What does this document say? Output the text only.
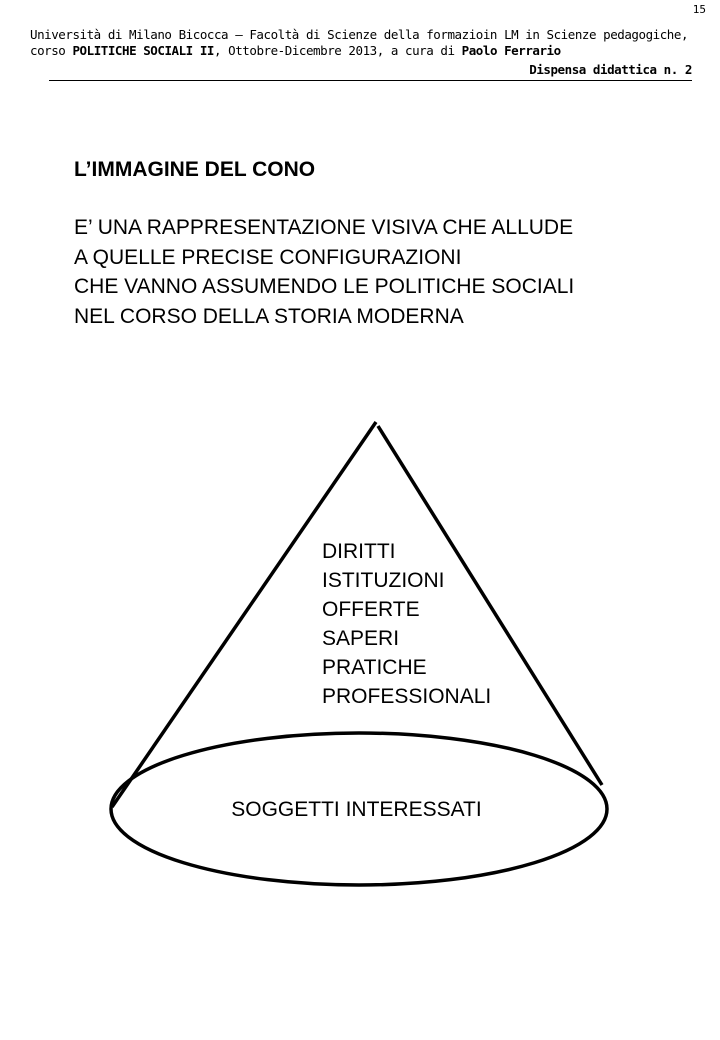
15
Università di Milano Bicocca – Facoltà di Scienze della formazioin LM in Scienze pedagogiche,
corso POLITICHE SOCIALI II, Ottobre-Dicembre 2013, a cura di Paolo Ferrario
Dispensa didattica n. 2
L’IMMAGINE DEL CONO
E’ UNA RAPPRESENTAZIONE VISIVA CHE ALLUDE
A QUELLE PRECISE CONFIGURAZIONI
CHE VANNO ASSUMENDO LE POLITICHE SOCIALI
NEL CORSO DELLA STORIA MODERNA
DIRITTI
ISTITUZIONI
OFFERTE
SAPERI
PRATICHE
PROFESSIONALI
SOGGETTI INTERESSATI
